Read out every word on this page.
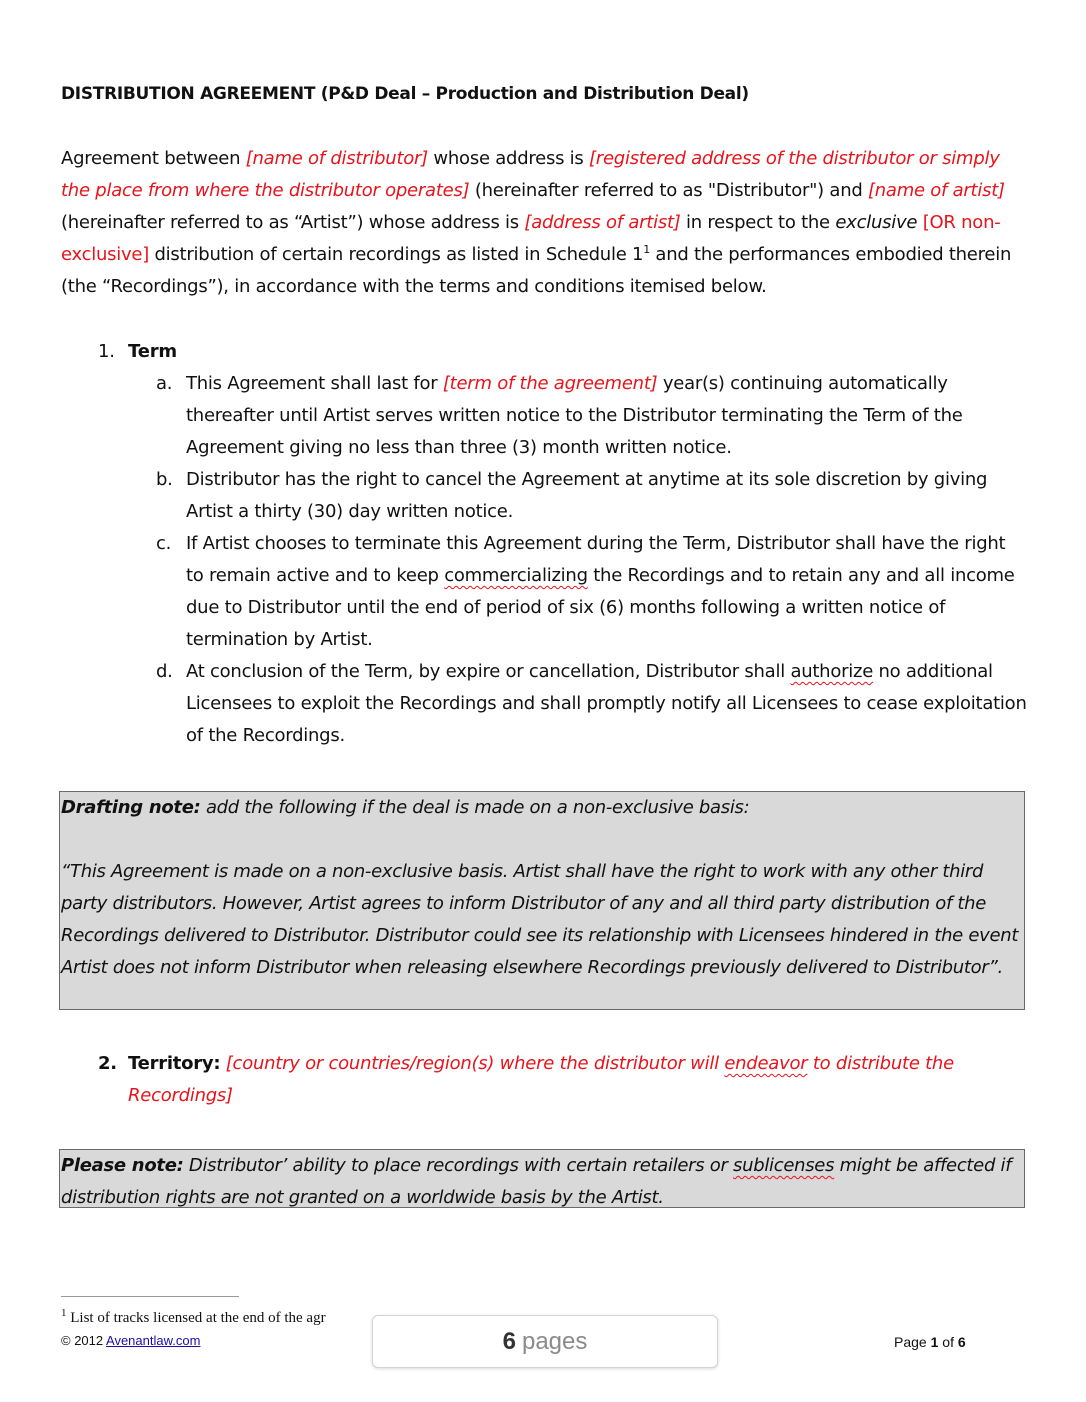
DISTRIBUTION AGREEMENT (P&D Deal – Production and Distribution Deal)
Agreement between [name of distributor] whose address is [registered address of the distributor or simply the place from where the distributor operates] (hereinafter referred to as "Distributor") and [name of artist] (hereinafter referred to as “Artist”) whose address is [address of artist] in respect to the exclusive [OR non-exclusive] distribution of certain recordings as listed in Schedule $1^1$ and the performances embodied therein (the “Recordings”), in accordance with the terms and conditions itemised below.
1. Term
a. This Agreement shall last for [term of the agreement] year(s) continuing automatically thereafter until Artist serves written notice to the Distributor terminating the Term of the Agreement giving no less than three (3) month written notice.
b. Distributor has the right to cancel the Agreement at anytime at its sole discretion by giving Artist a thirty (30) day written notice.
c. If Artist chooses to terminate this Agreement during the Term, Distributor shall have the right to remain active and to keep commercializing the Recordings and to retain any and all income due to Distributor until the end of period of six (6) months following a written notice of termination by Artist.
d. At conclusion of the Term, by expire or cancellation, Distributor shall authorize no additional Licensees to exploit the Recordings and shall promptly notify all Licensees to cease exploitation of the Recordings.
Drafting note: add the following if the deal is made on a non-exclusive basis:
“This Agreement is made on a non-exclusive basis. Artist shall have the right to work with any other third party distributors. However, Artist agrees to inform Distributor of any and all third party distribution of the Recordings delivered to Distributor. Distributor could see its relationship with Licensees hindered in the event Artist does not inform Distributor when releasing elsewhere Recordings previously delivered to Distributor”.
2. Territory: [country or countries/region(s) where the distributor will endeavor to distribute the
Recordings]
Please note: Distributor’ ability to place recordings with certain retailers or sublicenses might be affected if distribution rights are not granted on a worldwide basis by the Artist.
$^1$ List of tracks licensed at the end of the agr
© 2012 Avenantlaw.com	6 pages	Page 1 of 6
